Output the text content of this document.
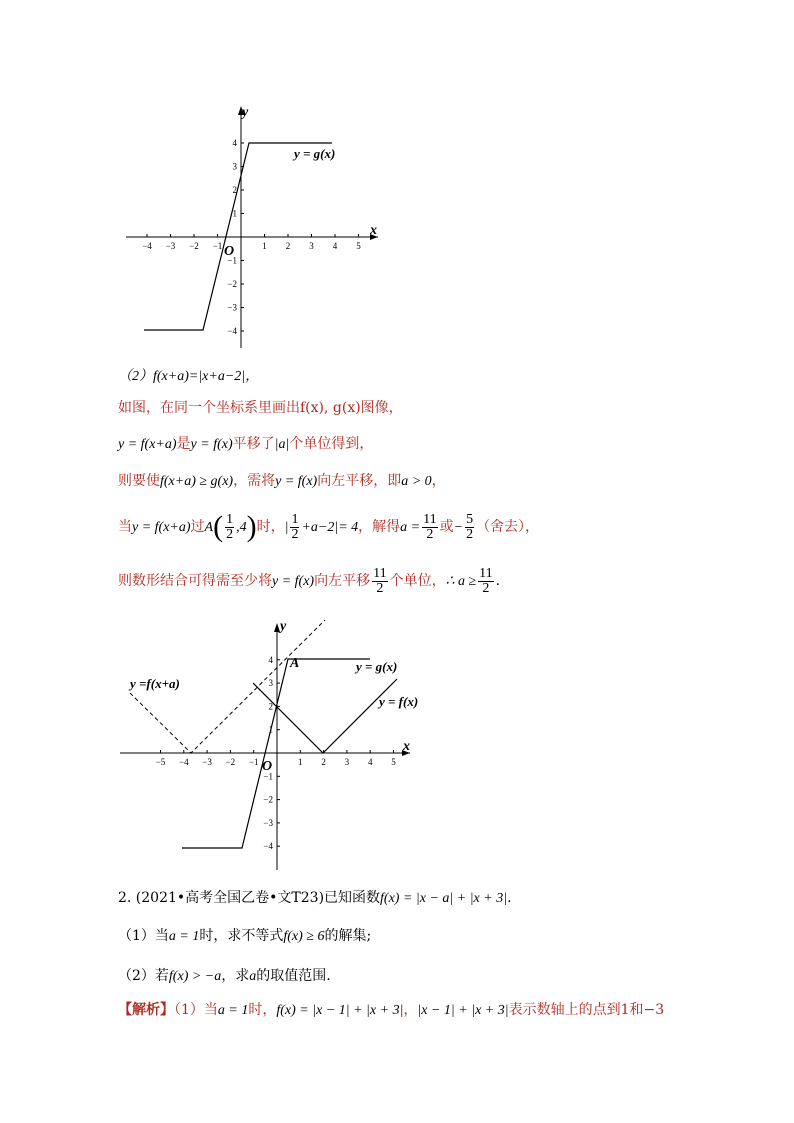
−4 −3 −2 −1	1 2 3 4 5
4
3
2
1
−1
−2
−3
−4
x
y
O
y = g(x)
（2）f(x+a)=|x+a−2|，
如图，在同一个坐标系里画出f(x), g(x)图像，
y = f(x+a)是y = f(x)平移了|a|个单位得到，
则要使f(x+a) ≥ g(x)，需将y = f(x)向左平移，即a > 0，
当y = f(x+a)过$A( \frac{1}{2} ,4)$时，| $\frac{1}{2} +a-2|= 4$，解得$a = \frac{11}{2}$ 或− $\frac{5}{2}$ （舍去），
则数形结合可得需至少将y = f(x)向左平移 $\frac{11}{2}$ 个单位，∴ $a \ge \frac{11}{2}$ .
−5 −4 −3 −2 −1	1 2 3 4 5
4
3
2
1
−1
−2
−3
−4
x
y
O
A	y = g(x)
y = f(x)
y =f(x+a)
2. (2021•高考全国乙卷•文T23)已知函数f(x) = |x − a| + |x + 3|.
（1）当a = 1时，求不等式f(x) ≥ 6的解集;
（2）若f(x) > −a，求a的取值范围.
【解析】（1）当a = 1时，f(x) = |x − 1| + |x + 3|，|x − 1| + |x + 3|表示数轴上的点到1和−3
